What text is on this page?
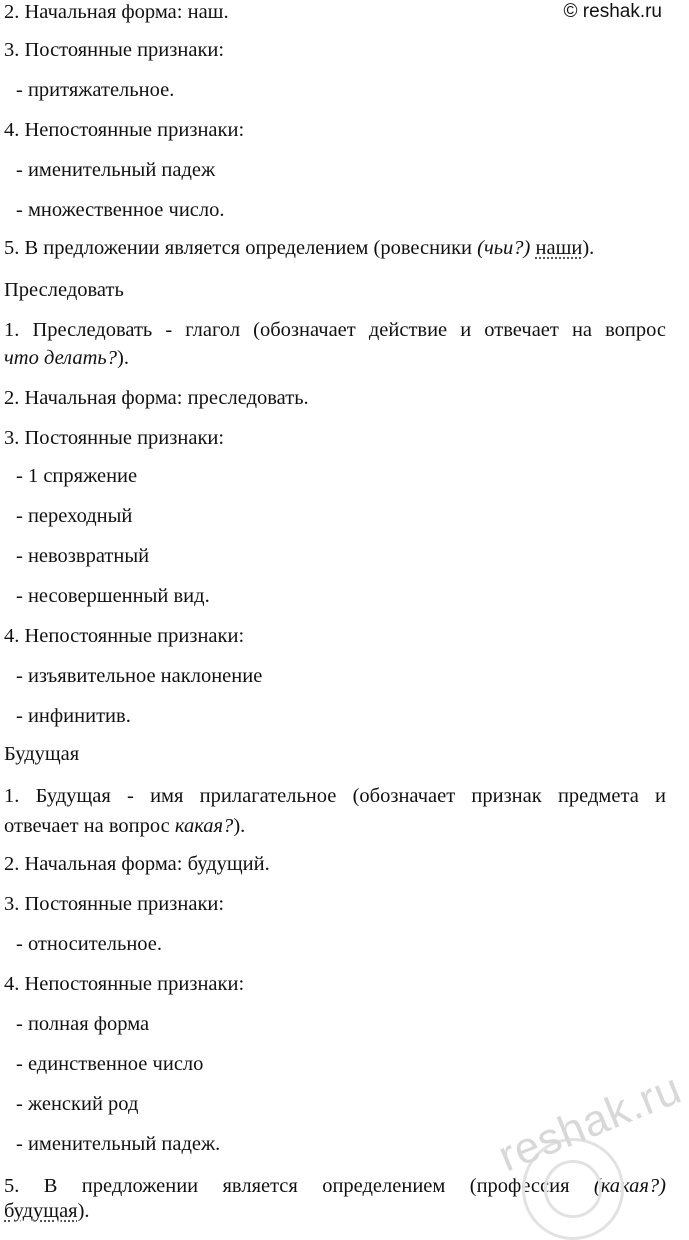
© reshak.ru
2. Начальная форма: наш.
3. Постоянные признаки:
- притяжательное.
4. Непостоянные признаки:
- именительный падеж
- множественное число.
5. В предложении является определением (ровесники (чьи?) наши).
Преследовать
1. Преследовать - глагол (обозначает действие и отвечает на вопрос
что делать?).
2. Начальная форма: преследовать.
3. Постоянные признаки:
- 1 спряжение
- переходный
- невозвратный
- несовершенный вид.
4. Непостоянные признаки:
- изъявительное наклонение
- инфинитив.
Будущая
1. Будущая - имя прилагательное (обозначает признак предмета и
отвечает на вопрос какая?).
2. Начальная форма: будущий.
3. Постоянные признаки:
- относительное.
4. Непостоянные признаки:
- полная форма
- единственное число
- женский род
- именительный падеж.
5. В предложении является определением (профессия (какая?)
будущая).
reshak.ru
